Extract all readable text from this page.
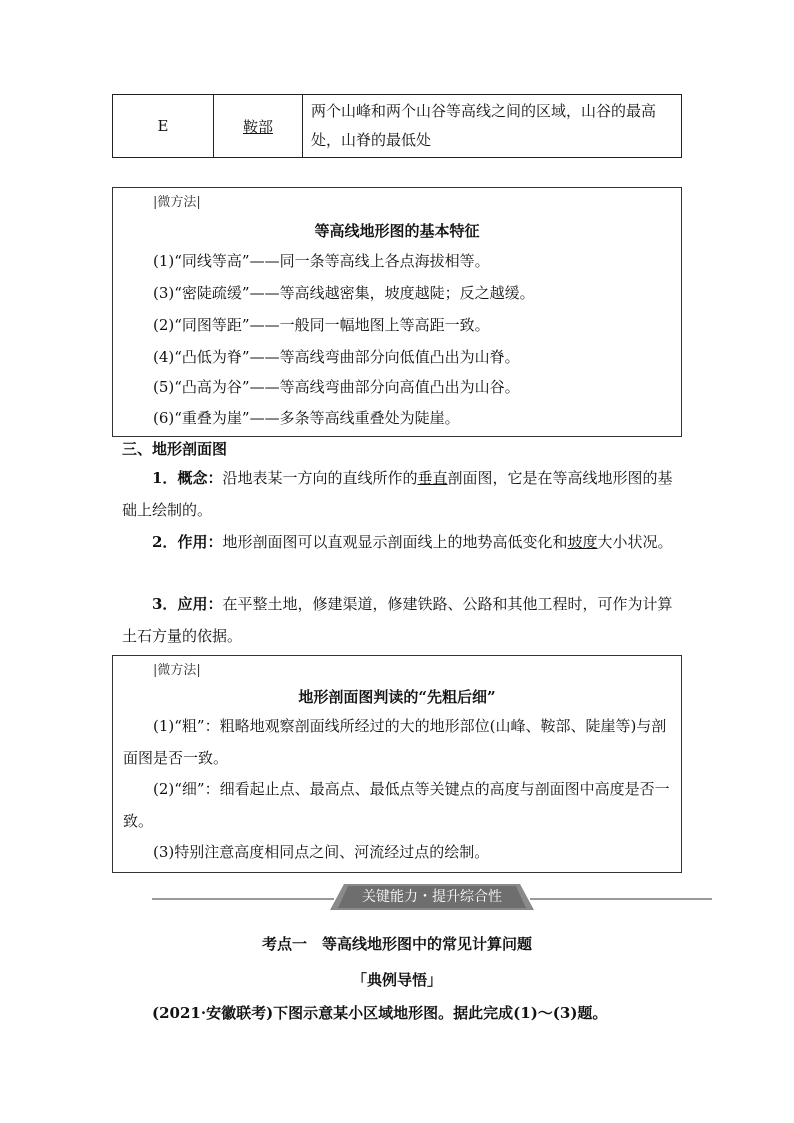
E	鞍部
两个山峰和两个山谷等高线之间的区域，山谷的最高
处，山脊的最低处
|微方法|
等高线地形图的基本特征
(1)“同线等高”——同一条等高线上各点海拔相等。
(3)“密陡疏缓”——等高线越密集，坡度越陡；反之越缓。
(2)“同图等距”——一般同一幅地图上等高距一致。
(4)“凸低为脊”——等高线弯曲部分向低值凸出为山脊。
(5)“凸高为谷”——等高线弯曲部分向高值凸出为山谷。
(6)“重叠为崖”——多条等高线重叠处为陡崖。
三、地形剖面图
1．概念：沿地表某一方向的直线所作的垂直剖面图，它是在等高线地形图的基础上绘制的。
2．作用：地形剖面图可以直观显示剖面线上的地势高低变化和坡度大小状况。
3．应用：在平整土地，修建渠道，修建铁路、公路和其他工程时，可作为计算土石方量的依据。
|微方法|
地形剖面图判读的“先粗后细”
(1)“粗”：粗略地观察剖面线所经过的大的地形部位(山峰、鞍部、陡崖等)与剖面图是否一致。
(2)“细”：细看起止点、最高点、最低点等关键点的高度与剖面图中高度是否一致。
(3)特别注意高度相同点之间、河流经过点的绘制。
关键能力・提升综合性
考点一　等高线地形图中的常见计算问题
「典例导悟」
(2021·安徽联考)下图示意某小区域地形图。据此完成(1)～(3)题。
